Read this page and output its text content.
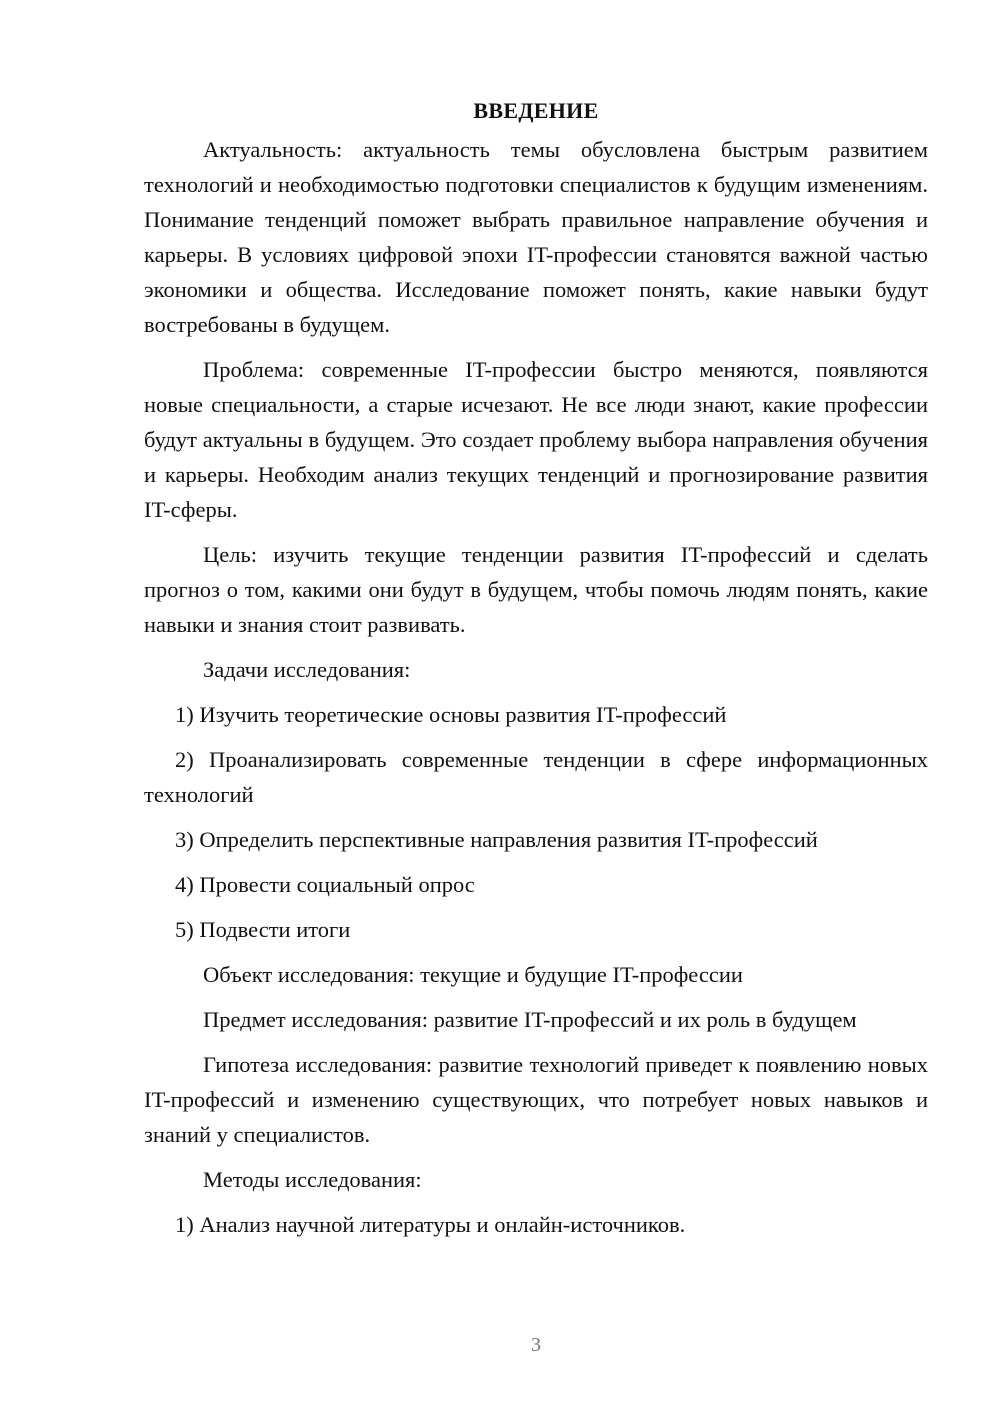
ВВЕДЕНИЕ

Актуальность: актуальность темы обусловлена быстрым развитием технологий и необходимостью подготовки специалистов к будущим изменениям. Понимание тенденций поможет выбрать правильное направление обучения и карьеры. В условиях цифровой эпохи IT-профессии становятся важной частью экономики и общества. Исследование поможет понять, какие навыки будут востребованы в будущем.

Проблема: современные IT-профессии быстро меняются, появляются новые специальности, а старые исчезают. Не все люди знают, какие профессии будут актуальны в будущем. Это создает проблему выбора направления обучения и карьеры. Необходим анализ текущих тенденций и прогнозирование развития IT-сферы.

Цель: изучить текущие тенденции развития IT-профессий и сделать прогноз о том, какими они будут в будущем, чтобы помочь людям понять, какие навыки и знания стоит развивать.

Задачи исследования:

1) Изучить теоретические основы развития IT-профессий

2) Проанализировать современные тенденции в сфере информационных технологий

3) Определить перспективные направления развития IT-профессий

4) Провести социальный опрос

5) Подвести итоги

Объект исследования: текущие и будущие IT-профессии

Предмет исследования: развитие IT-профессий и их роль в будущем

Гипотеза исследования: развитие технологий приведет к появлению новых IT-профессий и изменению существующих, что потребует новых навыков и знаний у специалистов.

Методы исследования:

1) Анализ научной литературы и онлайн-источников.

3
